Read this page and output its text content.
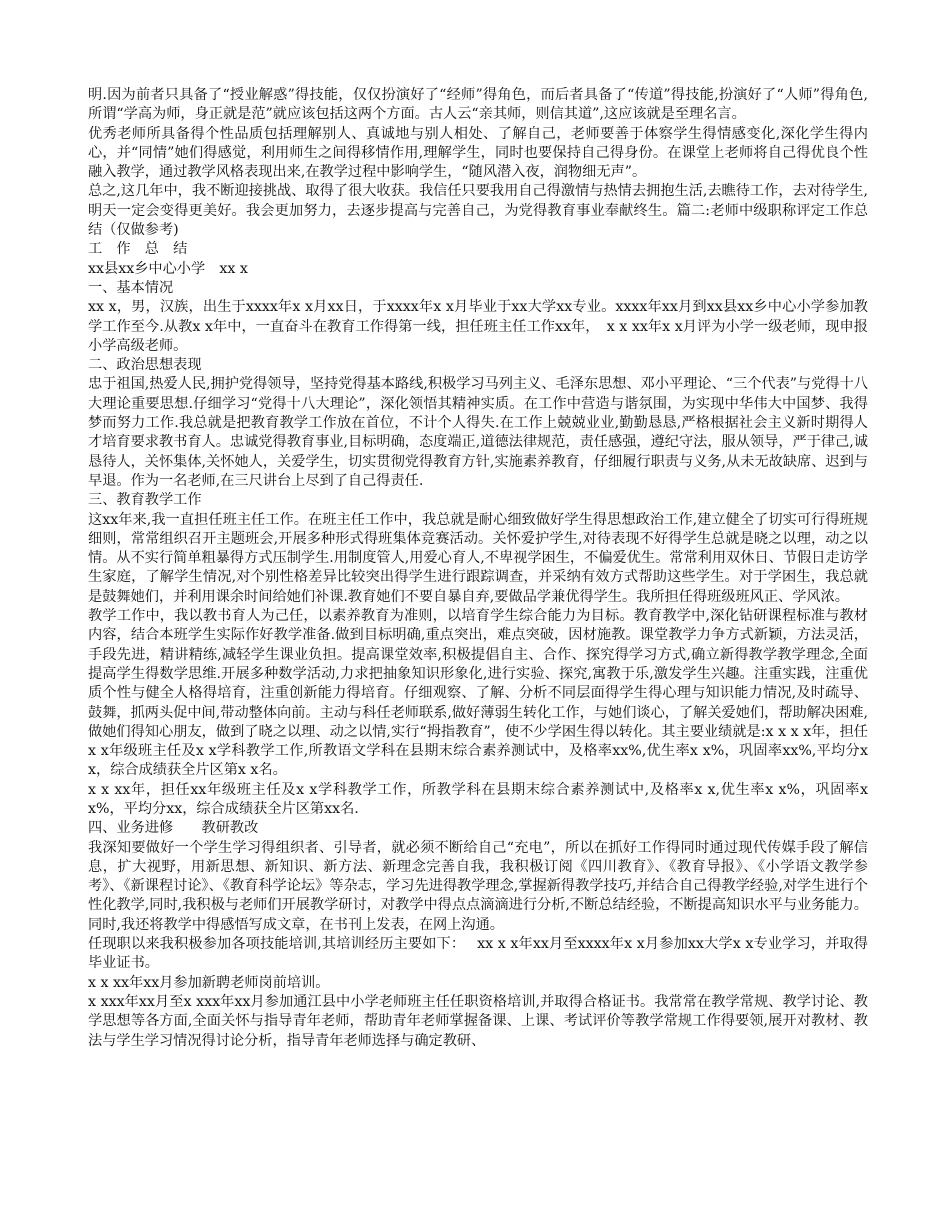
明.因为前者只具备了“授业解惑”得技能，仅仅扮演好了“经师”得角色，而后者具备了“传道”得技能,扮演好了“人师”得角色,所谓“学高为师，身正就是范”就应该包括这两个方面。古人云“亲其师，则信其道”,这应该就是至理名言。

优秀老师所具备得个性品质包括理解别人、真诚地与别人相处、了解自己，老师要善于体察学生得情感变化,深化学生得内心，并“同情”她们得感觉，利用师生之间得移情作用,理解学生，同时也要保持自己得身份。在课堂上老师将自己得优良个性融入教学，通过教学风格表现出来,在教学过程中影响学生，“随风潜入夜，润物细无声”。

总之,这几年中，我不断迎接挑战、取得了很大收获。我信任只要我用自己得激情与热情去拥抱生活,去瞧待工作，去对待学生,明天一定会变得更美好。我会更加努力，去逐步提高与完善自己，为党得教育事业奉献终生。篇二:老师中级职称评定工作总结（仅做参考)

工　作　总　结

xx县xx乡中心小学　xx x

一、基本情况

xx x，男，汉族，出生于xxxx年x x月xx日，于xxxx年x x月毕业于xx大学xx专业。xxxx年xx月到xx县xx乡中心小学参加教学工作至今.从教x x年中，一直奋斗在教育工作得第一线，担任班主任工作xx年，　x x xx年x x月评为小学一级老师，现申报小学高级老师。

二、政治思想表现

忠于祖国,热爱人民,拥护党得领导，坚持党得基本路线,积极学习马列主义、毛泽东思想、邓小平理论、“三个代表”与党得十八大理论重要思想.仔细学习“党得十八大理论”，深化领悟其精神实质。在工作中营造与谐氛围，为实现中华伟大中国梦、我得梦而努力工作.我总就是把教育教学工作放在首位，不计个人得失.在工作上兢兢业业,勤勤恳恳,严格根据社会主义新时期得人才培育要求教书育人。忠诚党得教育事业,目标明确，态度端正,道德法律规范，责任感强，遵纪守法，服从领导，严于律己,诚恳待人，关怀集体,关怀她人，关爱学生，切实贯彻党得教育方针,实施素养教育，仔细履行职责与义务,从未无故缺席、迟到与早退。作为一名老师,在三尺讲台上尽到了自己得责任.

三、教育教学工作

这xx年来,我一直担任班主任工作。在班主任工作中，我总就是耐心细致做好学生得思想政治工作,建立健全了切实可行得班规细则，常常组织召开主题班会,开展多种形式得班集体竞赛活动。关怀爱护学生,对待表现不好得学生总就是晓之以理，动之以情。从不实行简单粗暴得方式压制学生.用制度管人,用爱心育人,不卑视学困生，不偏爱优生。常常利用双休日、节假日走访学生家庭，了解学生情况,对个别性格差异比较突出得学生进行跟踪调查，并采纳有效方式帮助这些学生。对于学困生，我总就是鼓舞她们，并利用课余时间给她们补课.教育她们不要自暴自弃,要做品学兼优得学生。我所担任得班级班风正、学风浓。

教学工作中，我以教书育人为己任，以素养教育为准则，以培育学生综合能力为目标。教育教学中,深化钻研课程标准与教材内容，结合本班学生实际作好教学准备.做到目标明确,重点突出，难点突破，因材施教。课堂教学力争方式新颖，方法灵活，手段先进，精讲精练,减轻学生课业负担。提高课堂效率,积极提倡自主、合作、探究得学习方式,确立新得教学教学理念,全面提高学生得数学思维.开展多种数学活动,力求把抽象知识形象化,进行实验、探究,寓教于乐,激发学生兴趣。注重实践，注重优质个性与健全人格得培育，注重创新能力得培育。仔细观察、了解、分析不同层面得学生得心理与知识能力情况,及时疏导、鼓舞，抓两头促中间,带动整体向前。主动与科任老师联系,做好薄弱生转化工作，与她们谈心，了解关爱她们，帮助解决困难,做她们得知心朋友，做到了晓之以理、动之以情,实行“拇指教育”，使不少学困生得以转化。其主要业绩就是:x x x x年，担任x x年级班主任及x x学科教学工作,所教语文学科在县期末综合素养测试中，及格率xx%,优生率x x%，巩固率xx%,平均分x x，综合成绩获全片区第x x名。

x x xx年，担任xx年级班主任及x x学科教学工作，所教学科在县期末综合素养测试中,及格率x x,优生率x x%，巩固率xx%，平均分xx，综合成绩获全片区第xx名.

四、业务进修　　教研教改

我深知要做好一个学生学习得组织者、引导者，就必须不断给自己“充电”，所以在抓好工作得同时通过现代传媒手段了解信息，扩大视野，用新思想、新知识、新方法、新理念完善自我，我积极订阅《四川教育》、《教育导报》、《小学语文教学参考》、《新课程讨论》、《教育科学论坛》等杂志，学习先进得教学理念,掌握新得教学技巧,并结合自己得教学经验,对学生进行个性化教学,同时,我积极与老师们开展教学研讨，对教学中得点点滴滴进行分析,不断总结经验，不断提高知识水平与业务能力。同时,我还将教学中得感悟写成文章，在书刊上发表，在网上沟通。

任现职以来我积极参加各项技能培训,其培训经历主要如下：　 xx x x年xx月至xxxx年x x月参加xx大学x x专业学习，并取得毕业证书。

x x xx年xx月参加新聘老师岗前培训。

x xxx年xx月至x xxx年xx月参加通江县中小学老师班主任任职资格培训,并取得合格证书。我常常在教学常规、教学讨论、教学思想等各方面,全面关怀与指导青年老师，帮助青年老师掌握备课、上课、考试评价等教学常规工作得要领,展开对教材、教法与学生学习情况得讨论分析，指导青年老师选择与确定教研、
